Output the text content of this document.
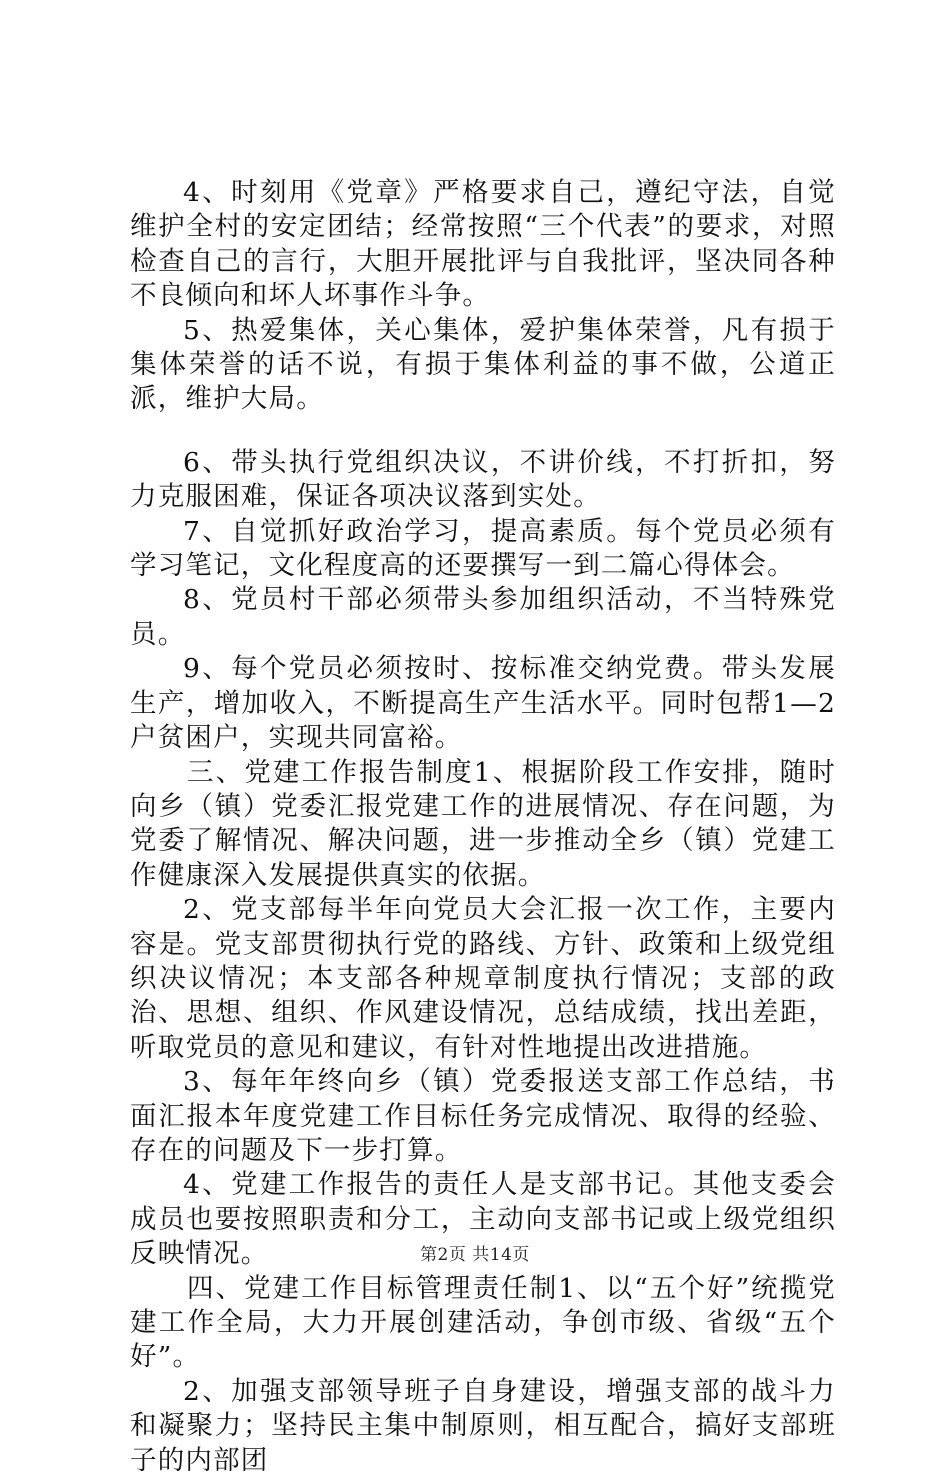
4、时刻用《党章》严格要求自己，遵纪守法，自觉维护全村的安定团结；经常按照“三个代表”的要求，对照检查自己的言行，大胆开展批评与自我批评，坚决同各种不良倾向和坏人坏事作斗争。

5、热爱集体，关心集体，爱护集体荣誉，凡有损于集体荣誉的话不说，有损于集体利益的事不做，公道正派，维护大局。

6、带头执行党组织决议，不讲价线，不打折扣，努力克服困难，保证各项决议落到实处。

7、自觉抓好政治学习，提高素质。每个党员必须有学习笔记，文化程度高的还要撰写一到二篇心得体会。

8、党员村干部必须带头参加组织活动，不当特殊党员。

9、每个党员必须按时、按标准交纳党费。带头发展生产，增加收入，不断提高生产生活水平。同时包帮1—2户贫困户，实现共同富裕。

三、党建工作报告制度1、根据阶段工作安排，随时向乡（镇）党委汇报党建工作的进展情况、存在问题，为党委了解情况、解决问题，进一步推动全乡（镇）党建工作健康深入发展提供真实的依据。

2、党支部每半年向党员大会汇报一次工作，主要内容是。党支部贯彻执行党的路线、方针、政策和上级党组织决议情况；本支部各种规章制度执行情况；支部的政治、思想、组织、作风建设情况，总结成绩，找出差距，听取党员的意见和建议，有针对性地提出改进措施。

3、每年年终向乡（镇）党委报送支部工作总结，书面汇报本年度党建工作目标任务完成情况、取得的经验、存在的问题及下一步打算。

4、党建工作报告的责任人是支部书记。其他支委会成员也要按照职责和分工，主动向支部书记或上级党组织反映情况。

四、党建工作目标管理责任制1、以“五个好”统揽党建工作全局，大力开展创建活动，争创市级、省级“五个好”。

2、加强支部领导班子自身建设，增强支部的战斗力和凝聚力；坚持民主集中制原则，相互配合，搞好支部班子的内部团

第2页 共14页
